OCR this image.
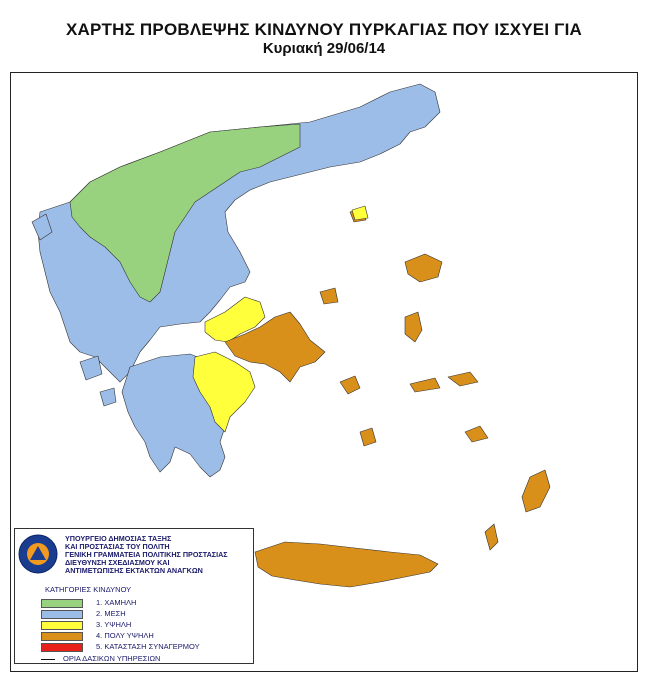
ΧΑΡΤΗΣ ΠΡΟΒΛΕΨΗΣ ΚΙΝΔΥΝΟΥ ΠΥΡΚΑΓΙΑΣ ΠΟΥ ΙΣΧΥΕΙ ΓΙΑ
Κυριακή 29/06/14
ΥΠΟΥΡΓΕΙΟ ΔΗΜΟΣΙΑΣ ΤΑΞΗΣ
ΚΑΙ ΠΡΟΣΤΑΣΙΑΣ ΤΟΥ ΠΟΛΙΤΗ
ΓΕΝΙΚΗ ΓΡΑΜΜΑΤΕΙΑ ΠΟΛΙΤΙΚΗΣ ΠΡΟΣΤΑΣΙΑΣ
ΔΙΕΥΘΥΝΣΗ ΣΧΕΔΙΑΣΜΟΥ ΚΑΙ
ΑΝΤΙΜΕΤΩΠΙΣΗΣ ΕΚΤΑΚΤΩΝ ΑΝΑΓΚΩΝ
ΚΑΤΗΓΟΡΙΕΣ ΚΙΝΔΥΝΟΥ
1. ΧΑΜΗΛΗ
2. ΜΕΣΗ
3. ΥΨΗΛΗ
4. ΠΟΛΥ ΥΨΗΛΗ
5. ΚΑΤΑΣΤΑΣΗ ΣΥΝΑΓΕΡΜΟΥ
ΟΡΙΑ ΔΑΣΙΚΩΝ ΥΠΗΡΕΣΙΩΝ
